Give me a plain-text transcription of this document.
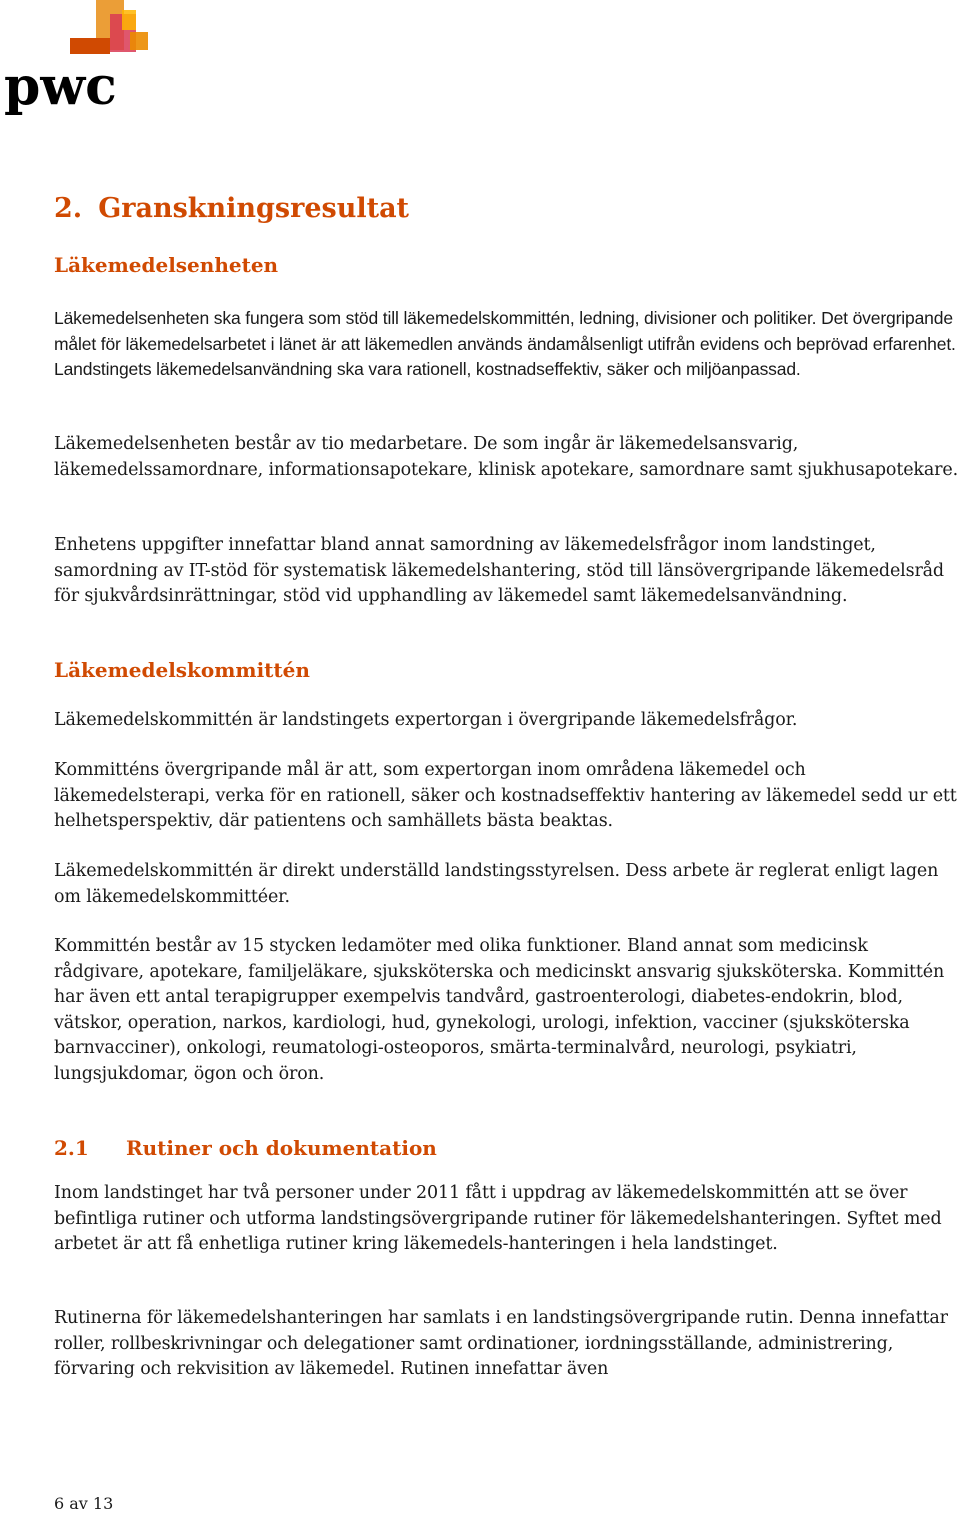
pwc
2. Granskningsresultat
Läkemedelsenheten

Läkemedelsenheten ska fungera som stöd till läkemedelskommittén, ledning, divisioner och politiker. Det övergripande målet för läkemedelsarbetet i länet är att läkemedlen används ändamålsenligt utifrån evidens och beprövad erfarenhet. Landstingets läkemedelsanvändning ska vara rationell, kostnadseffektiv, säker och miljöanpassad.

Läkemedelsenheten består av tio medarbetare. De som ingår är läkemedelsansvarig, läkemedelssamordnare, informationsapotekare, klinisk apotekare, samordnare samt sjukhusapotekare.

Enhetens uppgifter innefattar bland annat samordning av läkemedelsfrågor inom landstinget, samordning av IT-stöd för systematisk läkemedelshantering, stöd till länsövergripande läkemedelsråd för sjukvårdsinrättningar, stöd vid upphandling av läkemedel samt läkemedelsanvändning.

Läkemedelskommittén

Läkemedelskommittén är landstingets expertorgan i övergripande läkemedelsfrågor.

Kommitténs övergripande mål är att, som expertorgan inom områdena läkemedel och läkemedelsterapi, verka för en rationell, säker och kostnadseffektiv hantering av läkemedel sedd ur ett helhetsperspektiv, där patientens och samhällets bästa beaktas.

Läkemedelskommittén är direkt underställd landstingsstyrelsen. Dess arbete är reglerat enligt lagen om läkemedelskommittéer.

Kommittén består av 15 stycken ledamöter med olika funktioner. Bland annat som medicinsk rådgivare, apotekare, familjeläkare, sjuksköterska och medicinskt ansvarig sjuksköterska. Kommittén har även ett antal terapigrupper exempelvis tandvård, gastroenterologi, diabetes-endokrin, blod, vätskor, operation, narkos, kardiologi, hud, gynekologi, urologi, infektion, vacciner (sjuksköterska barnvacciner), onkologi, reumatologi-osteoporos, smärta-terminalvård, neurologi, psykiatri, lungsjukdomar, ögon och öron.

2.1 Rutiner och dokumentation

Inom landstinget har två personer under 2011 fått i uppdrag av läkemedelskommittén att se över befintliga rutiner och utforma landstingsövergripande rutiner för läkemedelshanteringen. Syftet med arbetet är att få enhetliga rutiner kring läkemedels-hanteringen i hela landstinget.

Rutinerna för läkemedelshanteringen har samlats i en landstingsövergripande rutin. Denna innefattar roller, rollbeskrivningar och delegationer samt ordinationer, iordningsställande, administrering, förvaring och rekvisition av läkemedel. Rutinen innefattar även

6 av 13
